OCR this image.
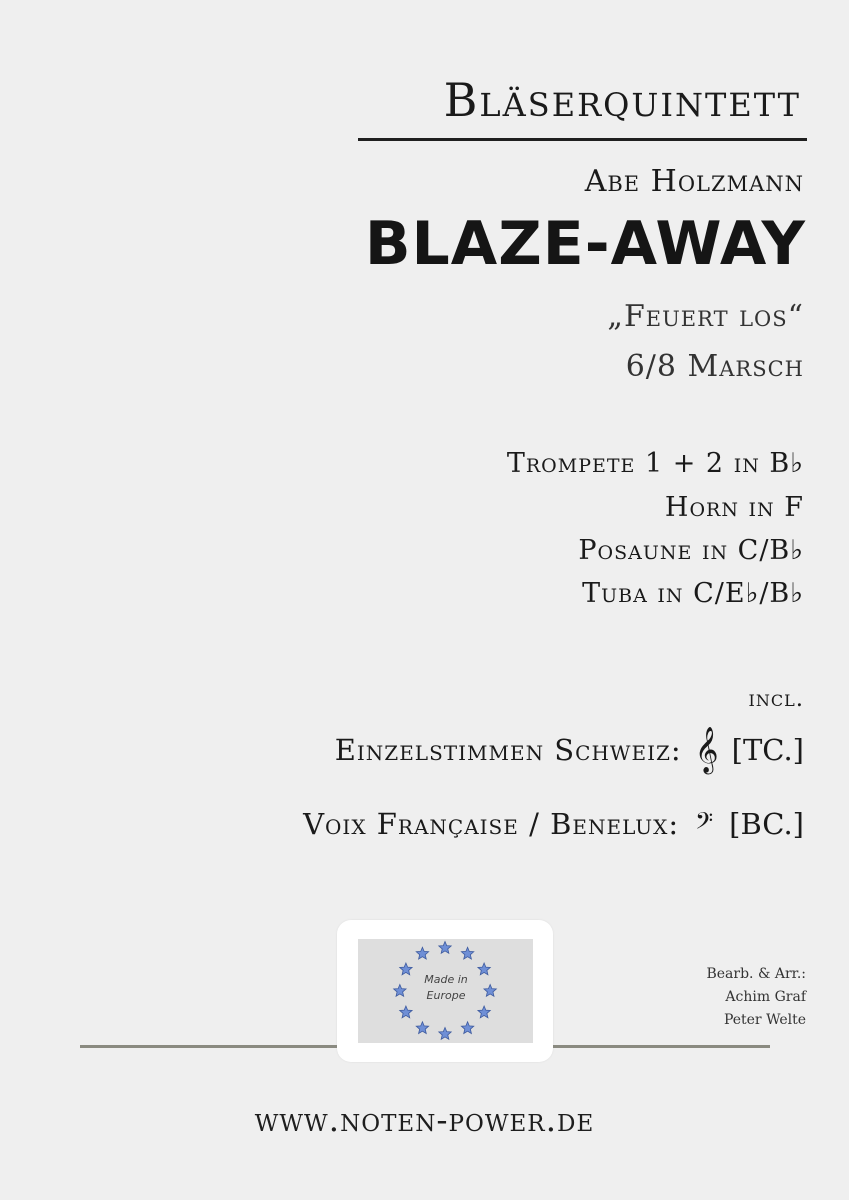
Bläserquintett
Abe Holzmann
BLAZE-AWAY
„Feuert los“
6/8 Marsch
Trompete 1 + 2 in B♭
Horn in F
Posaune in C/B♭
Tuba in C/E♭/B♭
incl.
Einzelstimmen Schweiz: 𝄞 [TC.]
Voix Française / Benelux: 𝄢 [BC.]
Made in
Europe
Bearb. & Arr.:
Achim Graf
Peter Welte
www.noten-power.de
